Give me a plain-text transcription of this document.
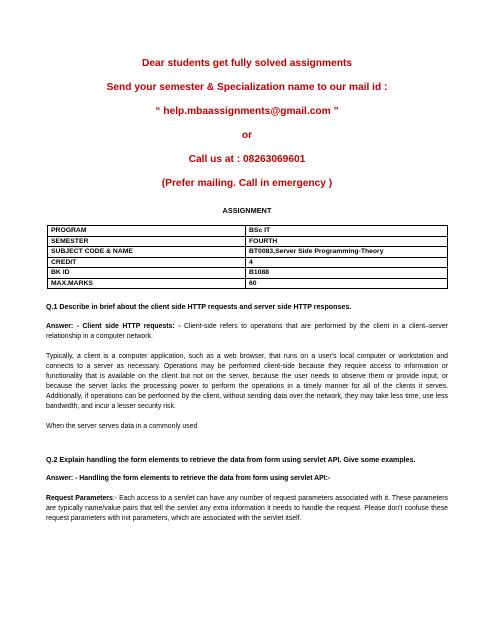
Dear students get fully solved assignments
Send your semester & Specialization name to our mail id :
“ help.mbaassignments@gmail.com ”
or
Call us at : 08263069601
(Prefer mailing. Call in emergency )
ASSIGNMENT
PROGRAM	BSc IT
SEMESTER	FOURTH
SUBJECT CODE & NAME	BT0083,Server Side Programming-Theory
CREDIT	4
BK ID	B1088
MAX.MARKS	60

Q.1 Describe in brief about the client side HTTP requests and server side HTTP responses.

Answer: - Client side HTTP requests: - Client-side refers to operations that are performed by the client in a client–server relationship in a computer network.

Typically, a client is a computer application, such as a web browser, that runs on a user's local computer or workstation and connects to a server as necessary. Operations may be performed client-side because they require access to information or functionality that is available on the client but not on the server, because the user needs to observe them or provide input, or because the server lacks the processing power to perform the operations in a timely manner for all of the clients it serves. Additionally, if operations can be performed by the client, without sending data over the network, they may take less time, use less bandwidth, and incur a lesser security risk.

When the server serves data in a commonly used

Q.2 Explain handling the form elements to retrieve the data from form using servlet API. Give some examples.

Answer: - Handling the form elements to retrieve the data from form using servlet API:-

Request Parameters:- Each access to a servlet can have any number of request parameters associated with it. These parameters are typically name/value pairs that tell the servlet any extra information it needs to handle the request. Please don't confuse these request parameters with init parameters, which are associated with the servlet itself.
